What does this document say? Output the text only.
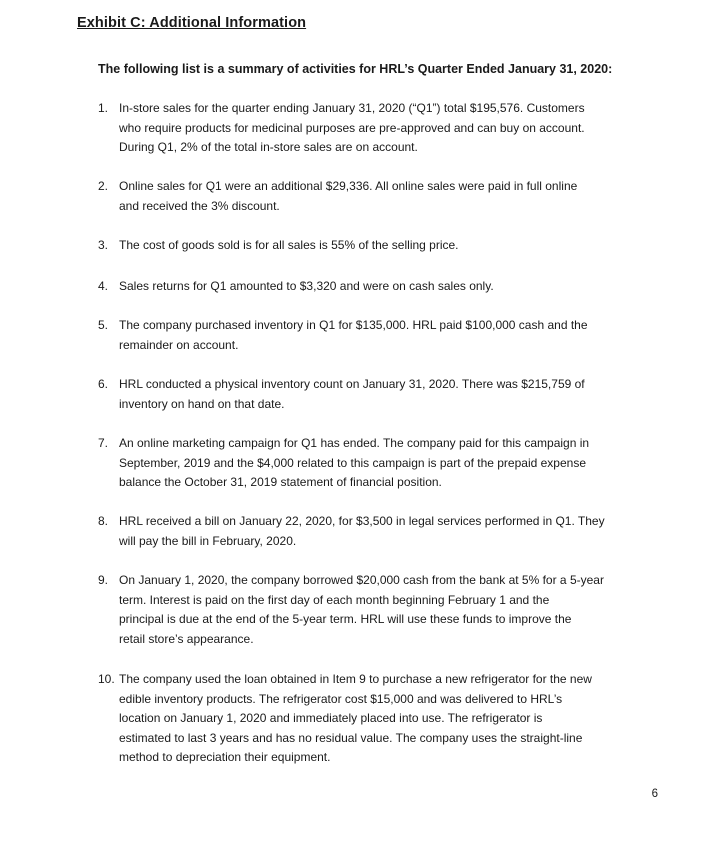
Exhibit C: Additional Information
The following list is a summary of activities for HRL’s Quarter Ended January 31, 2020:
1. In-store sales for the quarter ending January 31, 2020 (“Q1”) total $195,576. Customers
who require products for medicinal purposes are pre-approved and can buy on account.
During Q1, 2% of the total in-store sales are on account.
2. Online sales for Q1 were an additional $29,336. All online sales were paid in full online
and received the 3% discount.
3. The cost of goods sold is for all sales is 55% of the selling price.
4. Sales returns for Q1 amounted to $3,320 and were on cash sales only.
5. The company purchased inventory in Q1 for $135,000. HRL paid $100,000 cash and the
remainder on account.
6. HRL conducted a physical inventory count on January 31, 2020. There was $215,759 of
inventory on hand on that date.
7. An online marketing campaign for Q1 has ended. The company paid for this campaign in
September, 2019 and the $4,000 related to this campaign is part of the prepaid expense
balance the October 31, 2019 statement of financial position.
8. HRL received a bill on January 22, 2020, for $3,500 in legal services performed in Q1. They
will pay the bill in February, 2020.
9. On January 1, 2020, the company borrowed $20,000 cash from the bank at 5% for a 5-year
term. Interest is paid on the first day of each month beginning February 1 and the
principal is due at the end of the 5-year term. HRL will use these funds to improve the
retail store’s appearance.
10. The company used the loan obtained in Item 9 to purchase a new refrigerator for the new
edible inventory products. The refrigerator cost $15,000 and was delivered to HRL’s
location on January 1, 2020 and immediately placed into use. The refrigerator is
estimated to last 3 years and has no residual value. The company uses the straight-line
method to depreciation their equipment.
6
